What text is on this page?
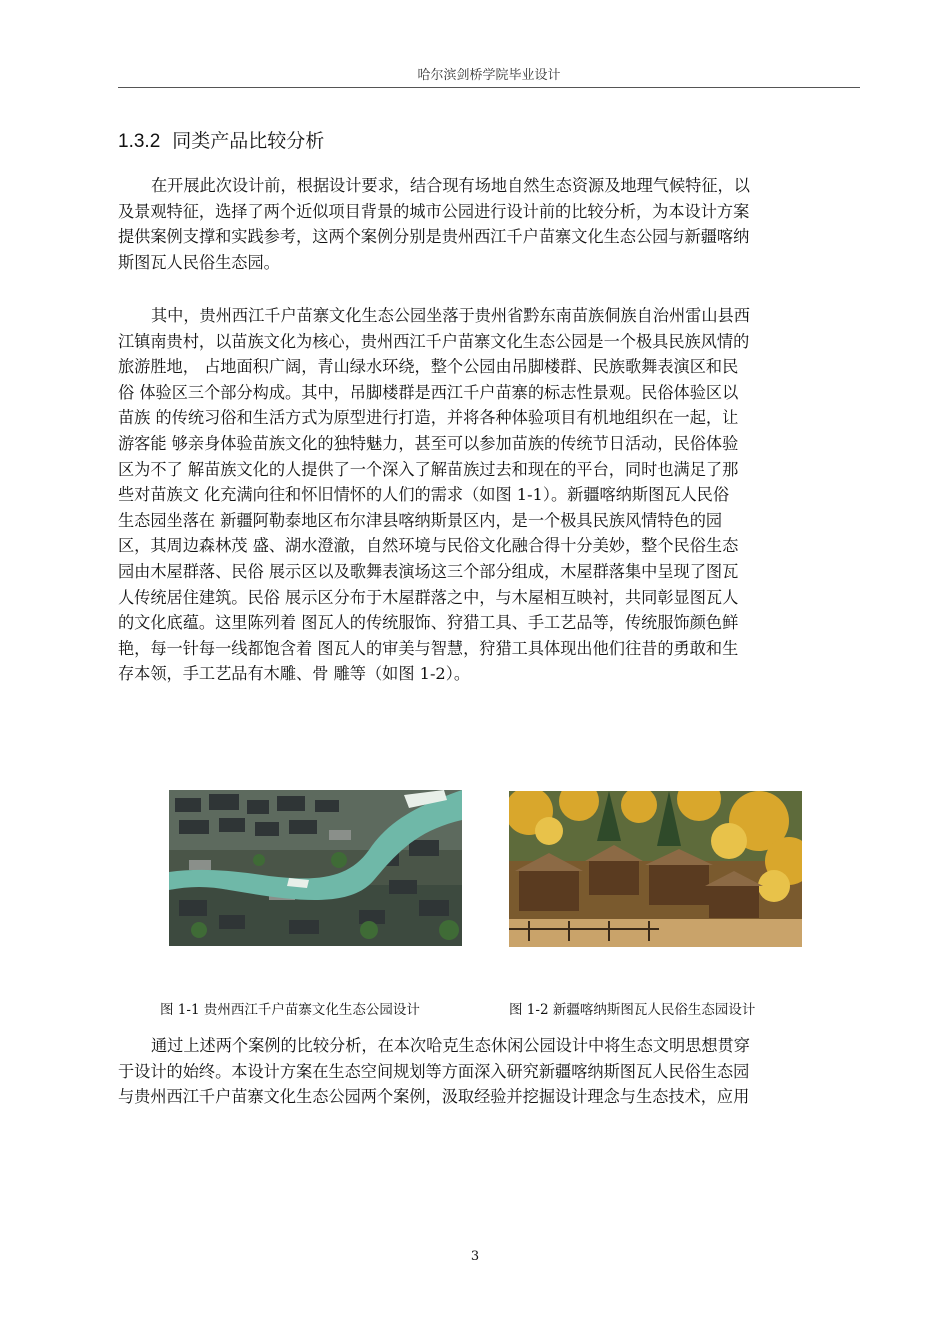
哈尔滨剑桥学院毕业设计
1.3.2 同类产品比较分析
在开展此次设计前，根据设计要求，结合现有场地自然生态资源及地理气候特征，以
及景观特征，选择了两个近似项目背景的城市公园进行设计前的比较分析，为本设计方案
提供案例支撑和实践参考，这两个案例分别是贵州西江千户苗寨文化生态公园与新疆喀纳
斯图瓦人民俗生态园。
其中，贵州西江千户苗寨文化生态公园坐落于贵州省黔东南苗族侗族自治州雷山县西
江镇南贵村，以苗族文化为核心，贵州西江千户苗寨文化生态公园是一个极具民族风情的
旅游胜地， 占地面积广阔，青山绿水环绕，整个公园由吊脚楼群、民族歌舞表演区和民
俗 体验区三个部分构成。其中，吊脚楼群是西江千户苗寨的标志性景观。民俗体验区以
苗族 的传统习俗和生活方式为原型进行打造，并将各种体验项目有机地组织在一起，让
游客能 够亲身体验苗族文化的独特魅力，甚至可以参加苗族的传统节日活动，民俗体验
区为不了 解苗族文化的人提供了一个深入了解苗族过去和现在的平台，同时也满足了那
些对苗族文 化充满向往和怀旧情怀的人们的需求（如图 1-1）。新疆喀纳斯图瓦人民俗
生态园坐落在 新疆阿勒泰地区布尔津县喀纳斯景区内，是一个极具民族风情特色的园
区，其周边森林茂 盛、湖水澄澈，自然环境与民俗文化融合得十分美妙，整个民俗生态
园由木屋群落、民俗 展示区以及歌舞表演场这三个部分组成，木屋群落集中呈现了图瓦
人传统居住建筑。民俗 展示区分布于木屋群落之中，与木屋相互映衬，共同彰显图瓦人
的文化底蕴。这里陈列着 图瓦人的传统服饰、狩猎工具、手工艺品等，传统服饰颜色鲜
艳，每一针每一线都饱含着 图瓦人的审美与智慧，狩猎工具体现出他们往昔的勇敢和生
存本领，手工艺品有木雕、骨 雕等（如图 1-2）。
图 1-1 贵州西江千户苗寨文化生态公园设计	图 1-2 新疆喀纳斯图瓦人民俗生态园设计
通过上述两个案例的比较分析，在本次哈克生态休闲公园设计中将生态文明思想贯穿
于设计的始终。本设计方案在生态空间规划等方面深入研究新疆喀纳斯图瓦人民俗生态园
与贵州西江千户苗寨文化生态公园两个案例，汲取经验并挖掘设计理念与生态技术，应用
3
